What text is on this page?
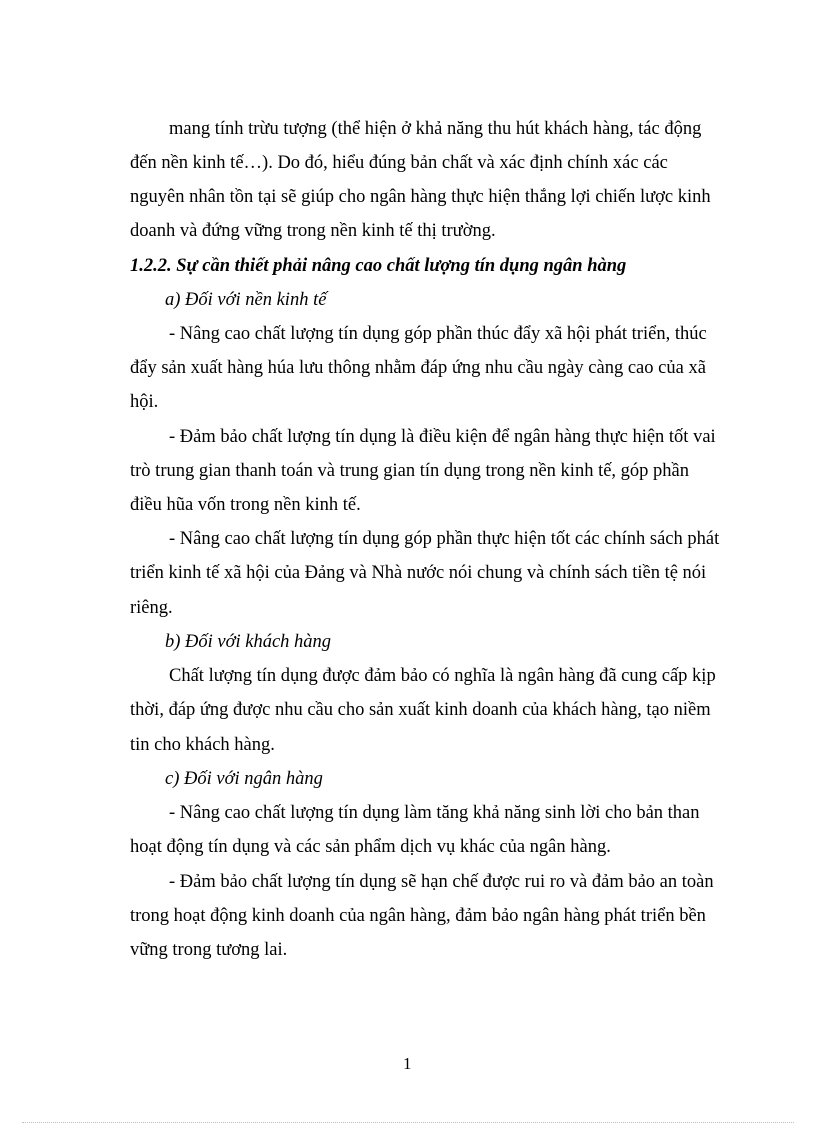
mang tính trừu tượng (thể hiện ở khả năng thu hút khách hàng, tác động
đến nền kinh tế…). Do đó, hiểu đúng bản chất và xác định chính xác các
nguyên nhân tồn tại sẽ giúp cho ngân hàng thực hiện thắng lợi chiến lược kinh
doanh và đứng vững trong nền kinh tế thị trường.
1.2.2. Sự cần thiết phải nâng cao chất lượng tín dụng ngân hàng
a) Đối với nền kinh tế
- Nâng cao chất lượng tín dụng góp phần thúc đẩy xã hội phát triển, thúc
đẩy sản xuất hàng húa lưu thông nhằm đáp ứng nhu cầu ngày càng cao của xã
hội.
- Đảm bảo chất lượng tín dụng là điều kiện để ngân hàng thực hiện tốt vai
trò trung gian thanh toán và trung gian tín dụng trong nền kinh tế, góp phần
điều hũa vốn trong nền kinh tế.
- Nâng cao chất lượng tín dụng góp phần thực hiện tốt các chính sách phát
triển kinh tế xã hội của Đảng và Nhà nước nói chung và chính sách tiền tệ nói
riêng.
b) Đối với khách hàng
Chất lượng tín dụng được đảm bảo có nghĩa là ngân hàng đã cung cấp kịp
thời, đáp ứng được nhu cầu cho sản xuất kinh doanh của khách hàng, tạo niềm
tin cho khách hàng.
c) Đối với ngân hàng
- Nâng cao chất lượng tín dụng làm tăng khả năng sinh lời cho bản than
hoạt động tín dụng và các sản phẩm dịch vụ khác của ngân hàng.
- Đảm bảo chất lượng tín dụng sẽ hạn chế được rui ro và đảm bảo an toàn
trong hoạt động kinh doanh của ngân hàng, đảm bảo ngân hàng phát triển bền
vững trong tương lai.
1
